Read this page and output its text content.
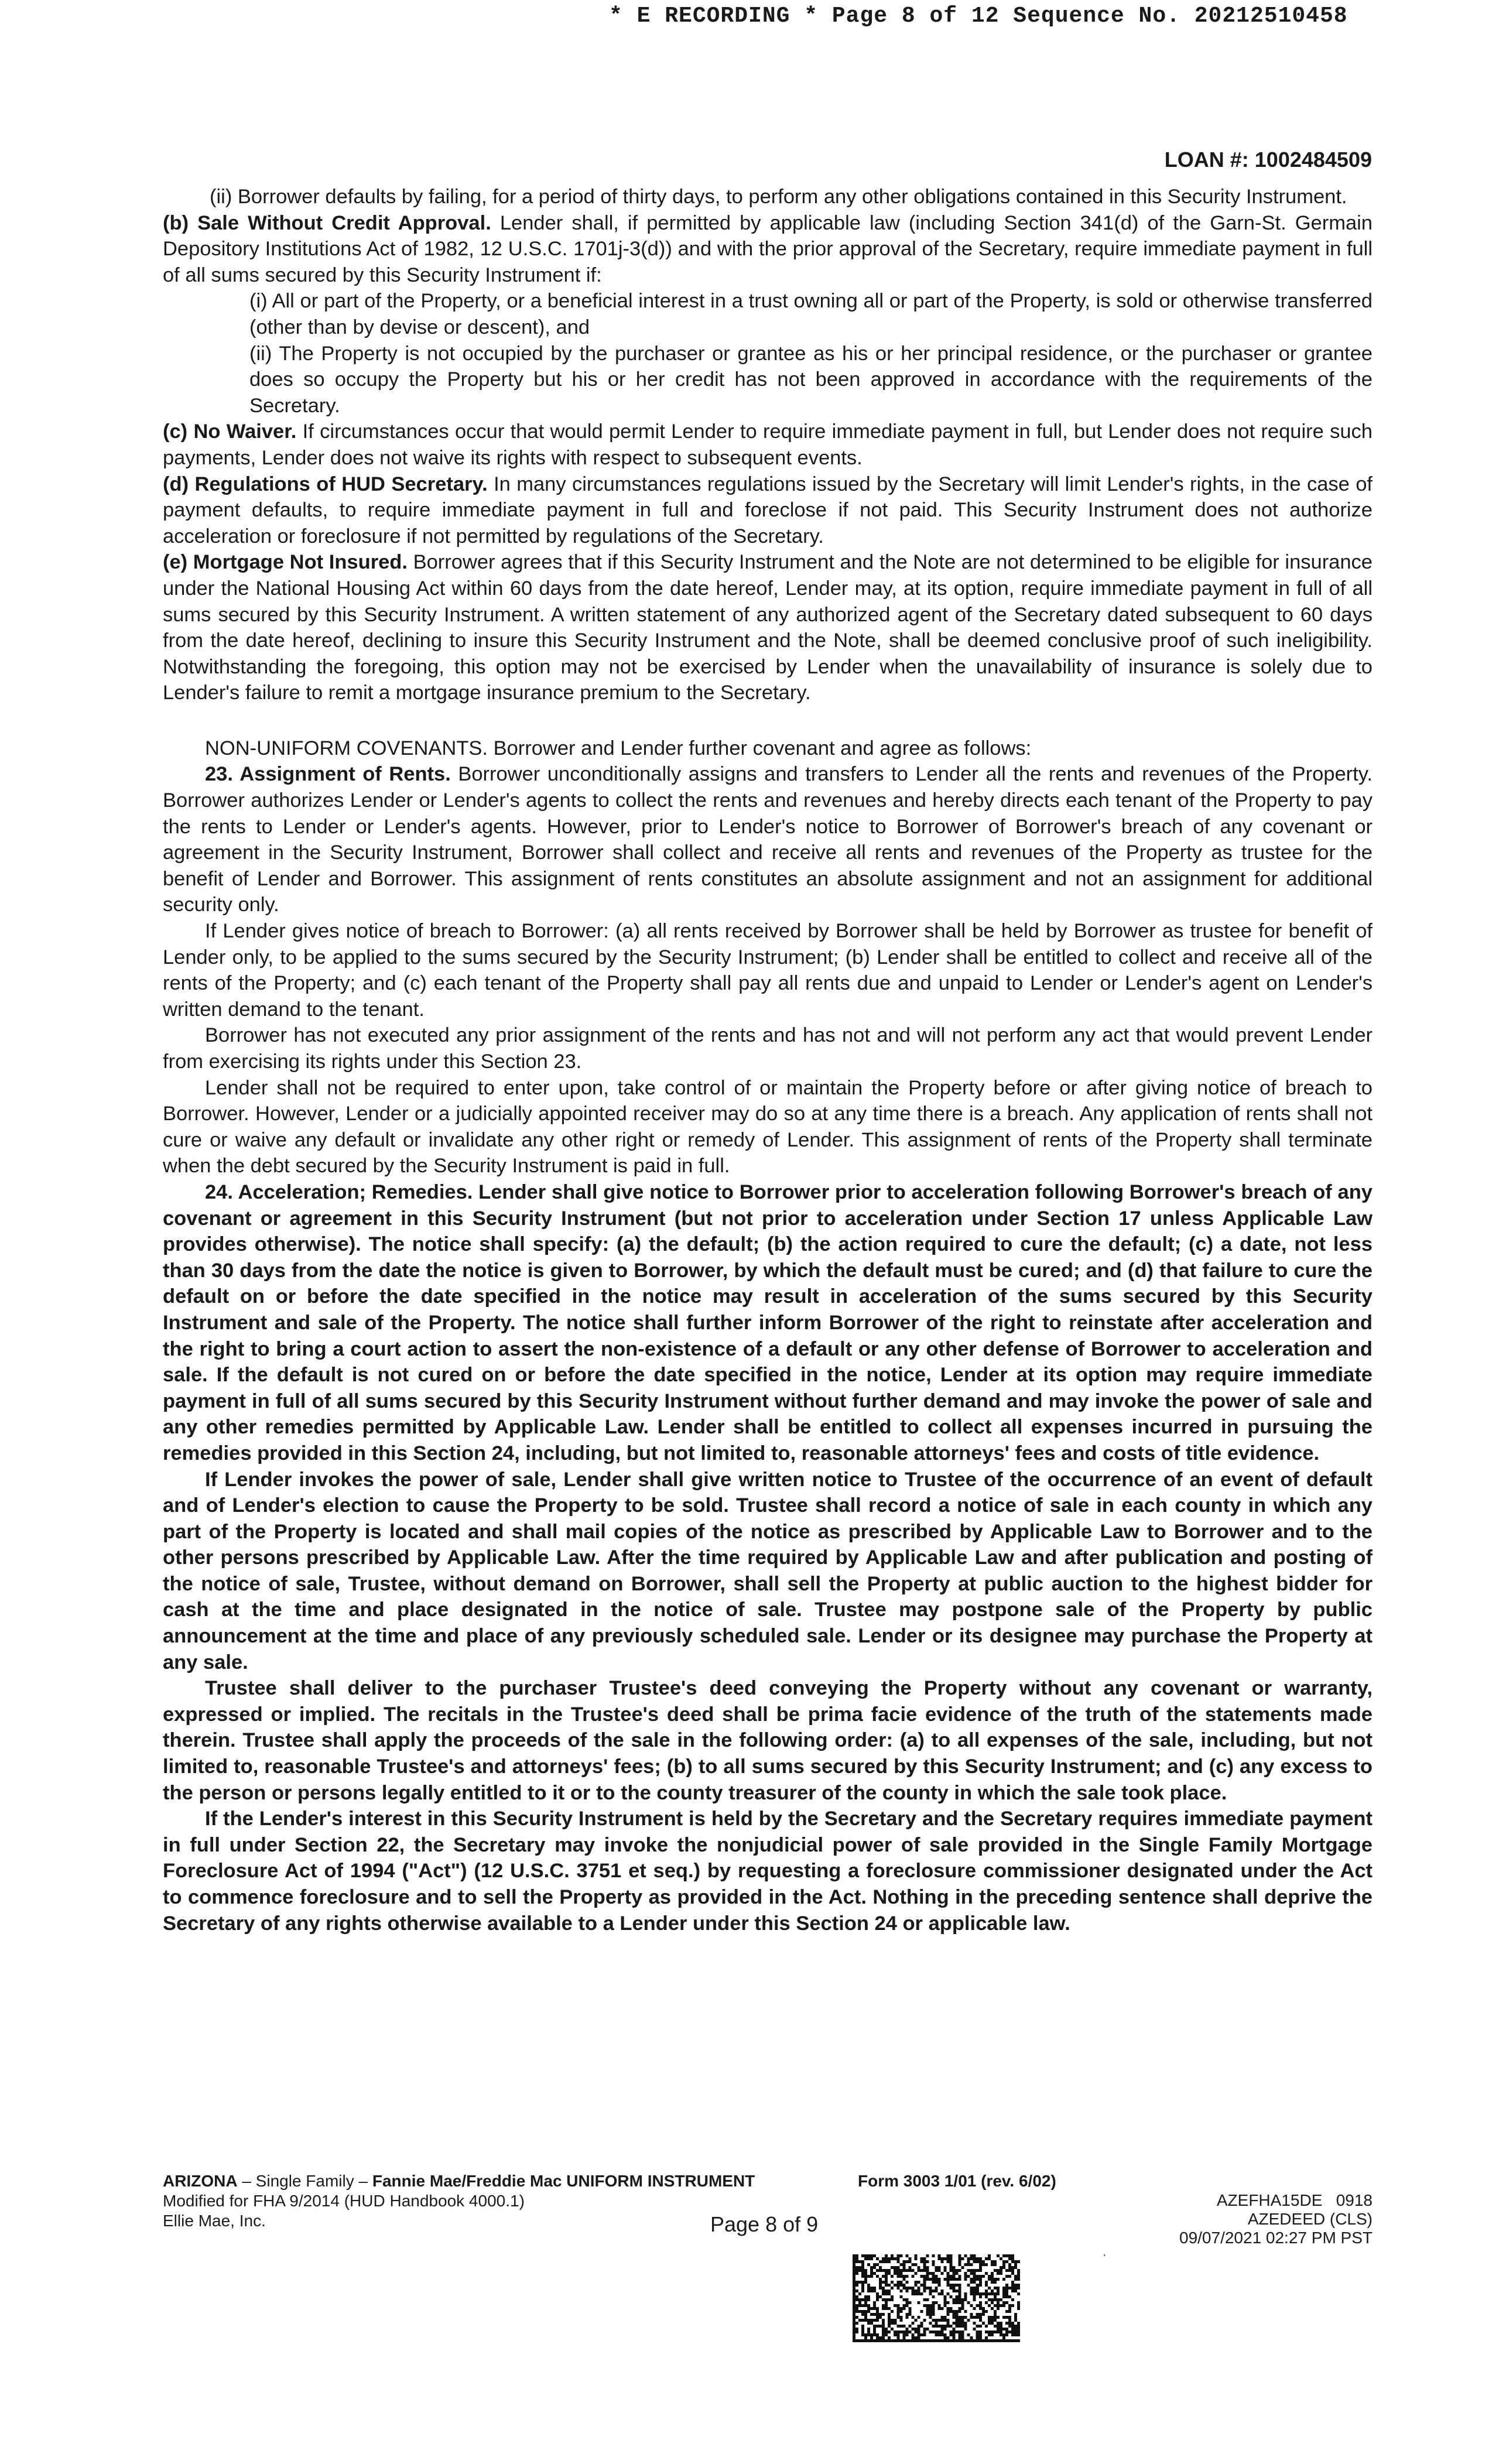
* E RECORDING * Page 8 of 12 Sequence No. 20212510458
LOAN #: 1002484509

(ii) Borrower defaults by failing, for a period of thirty days, to perform any other obligations contained in this Security Instrument.

(b) Sale Without Credit Approval. Lender shall, if permitted by applicable law (including Section 341(d) of the Garn-St. Germain Depository Institutions Act of 1982, 12 U.S.C. 1701j-3(d)) and with the prior approval of the Secretary, require immediate payment in full of all sums secured by this Security Instrument if:

(i) All or part of the Property, or a beneficial interest in a trust owning all or part of the Property, is sold or otherwise transferred (other than by devise or descent), and

(ii) The Property is not occupied by the purchaser or grantee as his or her principal residence, or the purchaser or grantee does so occupy the Property but his or her credit has not been approved in accordance with the requirements of the Secretary.

(c) No Waiver. If circumstances occur that would permit Lender to require immediate payment in full, but Lender does not require such payments, Lender does not waive its rights with respect to subsequent events.

(d) Regulations of HUD Secretary. In many circumstances regulations issued by the Secretary will limit Lender's rights, in the case of payment defaults, to require immediate payment in full and foreclose if not paid. This Security Instrument does not authorize acceleration or foreclosure if not permitted by regulations of the Secretary.

(e) Mortgage Not Insured. Borrower agrees that if this Security Instrument and the Note are not determined to be eligible for insurance under the National Housing Act within 60 days from the date hereof, Lender may, at its option, require immediate payment in full of all sums secured by this Security Instrument. A written statement of any authorized agent of the Secretary dated subsequent to 60 days from the date hereof, declining to insure this Security Instrument and the Note, shall be deemed conclusive proof of such ineligibility. Notwithstanding the foregoing, this option may not be exercised by Lender when the unavailability of insurance is solely due to Lender's failure to remit a mortgage insurance premium to the Secretary.

NON-UNIFORM COVENANTS. Borrower and Lender further covenant and agree as follows:

23. Assignment of Rents. Borrower unconditionally assigns and transfers to Lender all the rents and revenues of the Property. Borrower authorizes Lender or Lender's agents to collect the rents and revenues and hereby directs each tenant of the Property to pay the rents to Lender or Lender's agents. However, prior to Lender's notice to Borrower of Borrower's breach of any covenant or agreement in the Security Instrument, Borrower shall collect and receive all rents and revenues of the Property as trustee for the benefit of Lender and Borrower. This assignment of rents constitutes an absolute assignment and not an assignment for additional security only.

If Lender gives notice of breach to Borrower: (a) all rents received by Borrower shall be held by Borrower as trustee for benefit of Lender only, to be applied to the sums secured by the Security Instrument; (b) Lender shall be entitled to collect and receive all of the rents of the Property; and (c) each tenant of the Property shall pay all rents due and unpaid to Lender or Lender's agent on Lender's written demand to the tenant.

Borrower has not executed any prior assignment of the rents and has not and will not perform any act that would prevent Lender from exercising its rights under this Section 23.

Lender shall not be required to enter upon, take control of or maintain the Property before or after giving notice of breach to Borrower. However, Lender or a judicially appointed receiver may do so at any time there is a breach. Any application of rents shall not cure or waive any default or invalidate any other right or remedy of Lender. This assignment of rents of the Property shall terminate when the debt secured by the Security Instrument is paid in full.

24. Acceleration; Remedies. Lender shall give notice to Borrower prior to acceleration following Borrower's breach of any covenant or agreement in this Security Instrument (but not prior to acceleration under Section 17 unless Applicable Law provides otherwise). The notice shall specify: (a) the default; (b) the action required to cure the default; (c) a date, not less than 30 days from the date the notice is given to Borrower, by which the default must be cured; and (d) that failure to cure the default on or before the date specified in the notice may result in acceleration of the sums secured by this Security Instrument and sale of the Property. The notice shall further inform Borrower of the right to reinstate after acceleration and the right to bring a court action to assert the non-existence of a default or any other defense of Borrower to acceleration and sale. If the default is not cured on or before the date specified in the notice, Lender at its option may require immediate payment in full of all sums secured by this Security Instrument without further demand and may invoke the power of sale and any other remedies permitted by Applicable Law. Lender shall be entitled to collect all expenses incurred in pursuing the remedies provided in this Section 24, including, but not limited to, reasonable attorneys' fees and costs of title evidence.

If Lender invokes the power of sale, Lender shall give written notice to Trustee of the occurrence of an event of default and of Lender's election to cause the Property to be sold. Trustee shall record a notice of sale in each county in which any part of the Property is located and shall mail copies of the notice as prescribed by Applicable Law to Borrower and to the other persons prescribed by Applicable Law. After the time required by Applicable Law and after publication and posting of the notice of sale, Trustee, without demand on Borrower, shall sell the Property at public auction to the highest bidder for cash at the time and place designated in the notice of sale. Trustee may postpone sale of the Property by public announcement at the time and place of any previously scheduled sale. Lender or its designee may purchase the Property at any sale.

Trustee shall deliver to the purchaser Trustee's deed conveying the Property without any covenant or warranty, expressed or implied. The recitals in the Trustee's deed shall be prima facie evidence of the truth of the statements made therein. Trustee shall apply the proceeds of the sale in the following order: (a) to all expenses of the sale, including, but not limited to, reasonable Trustee's and attorneys' fees; (b) to all sums secured by this Security Instrument; and (c) any excess to the person or persons legally entitled to it or to the county treasurer of the county in which the sale took place.

If the Lender's interest in this Security Instrument is held by the Secretary and the Secretary requires immediate payment in full under Section 22, the Secretary may invoke the nonjudicial power of sale provided in the Single Family Mortgage Foreclosure Act of 1994 ("Act") (12 U.S.C. 3751 et seq.) by requesting a foreclosure commissioner designated under the Act to commence foreclosure and to sell the Property as provided in the Act. Nothing in the preceding sentence shall deprive the Secretary of any rights otherwise available to a Lender under this Section 24 or applicable law.

ARIZONA – Single Family – Fannie Mae/Freddie Mac UNIFORM INSTRUMENT
Modified for FHA 9/2014 (HUD Handbook 4000.1)
Ellie Mae, Inc.
Form 3003 1/01 (rev. 6/02)
Page 8 of 9
·
AZEFHA15DE   0918
AZEDEED (CLS)
09/07/2021 02:27 PM PST
